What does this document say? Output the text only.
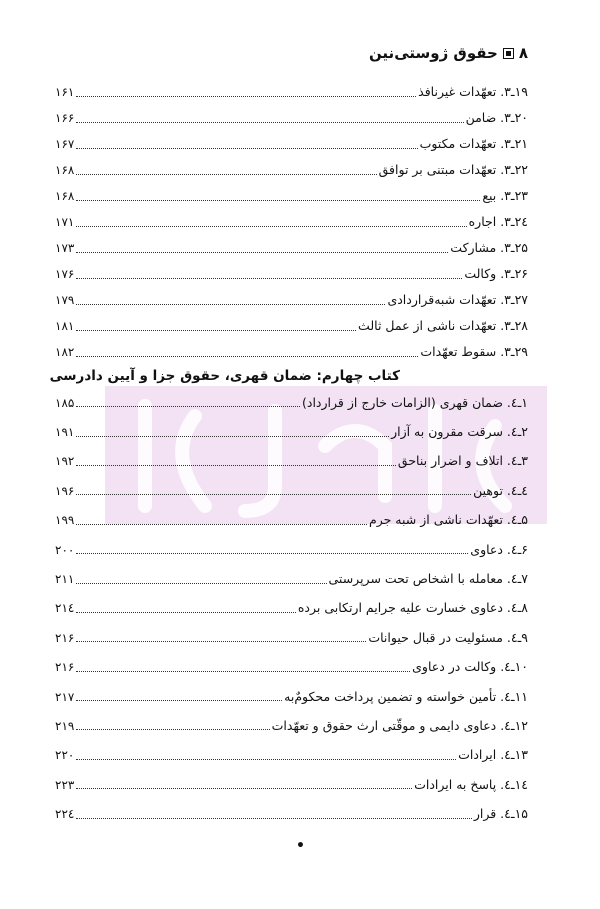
۸
حقوق ژوستی‌نین
۱۹ـ۳. تعهّدات غیرنافذ
۱۶۱
۲۰ـ۳. ضامن
۱۶۶
۲۱ـ۳. تعهّدات مکتوب
۱۶۷
۲۲ـ۳. تعهّدات مبتنی بر توافق
۱۶۸
۲۳ـ۳. بیع
۱۶۸
۲٤ـ۳. اجاره
۱۷۱
۲۵ـ۳. مشارکت
۱۷۳
۲۶ـ۳. وکالت
۱۷۶
۲۷ـ۳. تعهّدات شبه‌قراردادی
۱۷۹
۲۸ـ۳. تعهّدات ناشی از عمل ثالث
۱۸۱
۲۹ـ۳. سقوط تعهّدات
۱۸۲
کتاب چهارم: ضمان قهری، حقوق جزا و آیین دادرسی
۱ـ٤. ضمان قهری (الزامات خارج از قرارداد)
۱۸۵
۲ـ٤. سرقت مقرون به آزار
۱۹۱
۳ـ٤. اتلاف و اضرار بناحق
۱۹۲
٤ـ٤. توهین
۱۹۶
۵ـ٤. تعهّدات ناشی از شبه جرم
۱۹۹
۶ـ٤. دعاوی
۲۰۰
۷ـ٤. معامله با اشخاص تحت سرپرستی
۲۱۱
۸ـ٤. دعاوی خسارت علیه جرایم ارتکابی برده
۲۱٤
۹ـ٤. مسئولیت در قبال حیوانات
۲۱۶
۱۰ـ٤. وکالت در دعاوی
۲۱۶
۱۱ـ٤. تأمین خواسته و تضمین پرداخت محکومٌ‌به
۲۱۷
۱۲ـ٤. دعاوی دایمی و موقّتی ارث حقوق و تعهّدات
۲۱۹
۱۳ـ٤. ایرادات
۲۲۰
۱٤ـ٤. پاسخ به ایرادات
۲۲۳
۱۵ـ٤. قرار
۲۲٤
•
